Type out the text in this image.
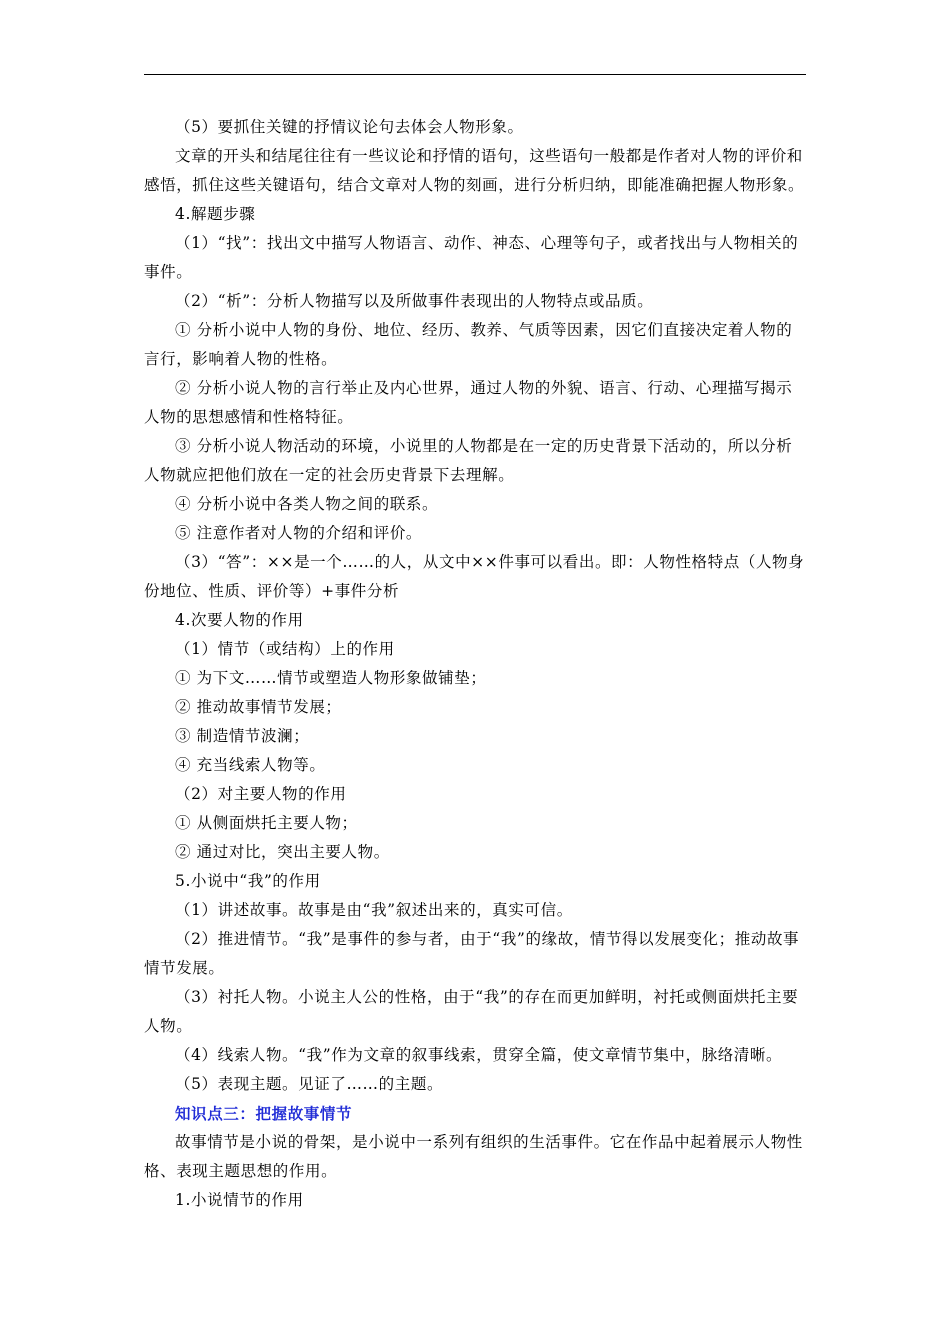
（5）要抓住关键的抒情议论句去体会人物形象。

文章的开头和结尾往往有一些议论和抒情的语句，这些语句一般都是作者对人物的评价和感悟，抓住这些关键语句，结合文章对人物的刻画，进行分析归纳，即能准确把握人物形象。

4.解题步骤

（1）“找”：找出文中描写人物语言、动作、神态、心理等句子，或者找出与人物相关的事件。

（2）“析”：分析人物描写以及所做事件表现出的人物特点或品质。

① 分析小说中人物的身份、地位、经历、教养、气质等因素，因它们直接决定着人物的言行，影响着人物的性格。

② 分析小说人物的言行举止及内心世界，通过人物的外貌、语言、行动、心理描写揭示人物的思想感情和性格特征。

③ 分析小说人物活动的环境，小说里的人物都是在一定的历史背景下活动的，所以分析人物就应把他们放在一定的社会历史背景下去理解。

④ 分析小说中各类人物之间的联系。

⑤ 注意作者对人物的介绍和评价。

（3）“答”：××是一个……的人，从文中××件事可以看出。即：人物性格特点（人物身份地位、性质、评价等）+事件分析

4.次要人物的作用

（1）情节（或结构）上的作用

① 为下文……情节或塑造人物形象做铺垫；

② 推动故事情节发展；

③ 制造情节波澜；

④ 充当线索人物等。

（2）对主要人物的作用

① 从侧面烘托主要人物；

② 通过对比，突出主要人物。

5.小说中“我”的作用

（1）讲述故事。故事是由“我”叙述出来的，真实可信。

（2）推进情节。“我”是事件的参与者，由于“我”的缘故，情节得以发展变化；推动故事情节发展。

（3）衬托人物。小说主人公的性格，由于“我”的存在而更加鲜明，衬托或侧面烘托主要人物。

（4）线索人物。“我”作为文章的叙事线索，贯穿全篇，使文章情节集中，脉络清晰。

（5）表现主题。见证了……的主题。

知识点三：把握故事情节

故事情节是小说的骨架，是小说中一系列有组织的生活事件。它在作品中起着展示人物性格、表现主题思想的作用。

1.小说情节的作用
